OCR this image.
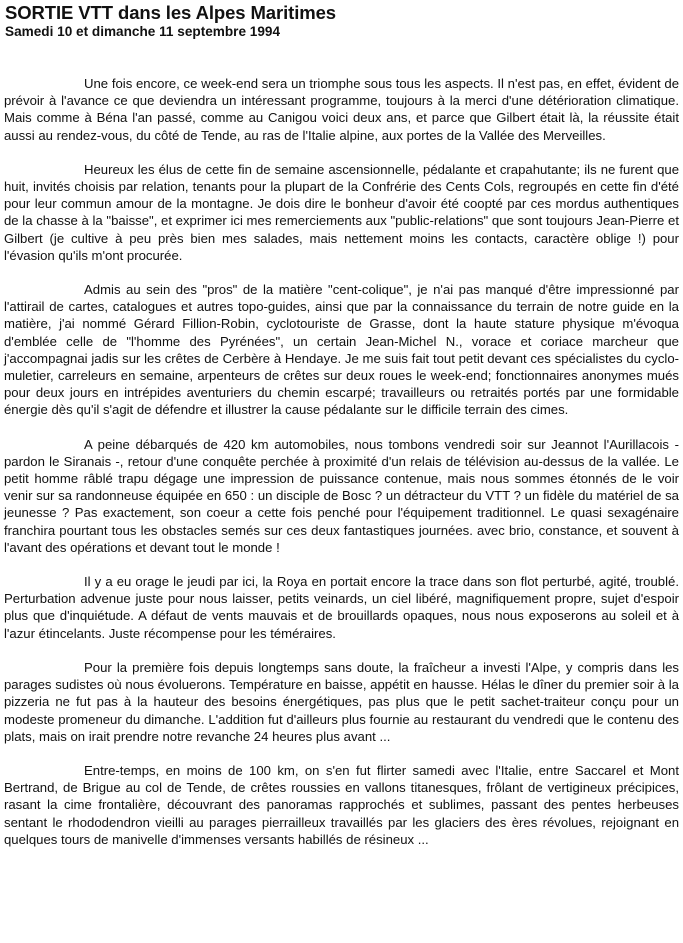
SORTIE VTT dans les Alpes Maritimes
Samedi 10 et dimanche 11 septembre 1994

Une fois encore, ce week-end sera un triomphe sous tous les aspects. Il n'est pas, en effet, évident de prévoir à l'avance ce que deviendra un intéressant programme, toujours à la merci d'une détérioration climatique. Mais comme à Béna l'an passé, comme au Canigou voici deux ans, et parce que Gilbert était là, la réussite était aussi au rendez-vous, du côté de Tende, au ras de l'Italie alpine, aux portes de la Vallée des Merveilles.

Heureux les élus de cette fin de semaine ascensionnelle, pédalante et crapahutante; ils ne furent que huit, invités choisis par relation, tenants pour la plupart de la Confrérie des Cents Cols, regroupés en cette fin d'été pour leur commun amour de la montagne. Je dois dire le bonheur d'avoir été coopté par ces mordus authentiques de la chasse à la "baisse", et exprimer ici mes remerciements aux "public-relations" que sont toujours Jean-Pierre et Gilbert (je cultive à peu près bien mes salades, mais nettement moins les contacts, caractère oblige !) pour l'évasion qu'ils m'ont procurée.

Admis au sein des "pros" de la matière "cent-colique", je n'ai pas manqué d'être impressionné par l'attirail de cartes, catalogues et autres topo-guides, ainsi que par la connaissance du terrain de notre guide en la matière, j'ai nommé Gérard Fillion-Robin, cyclotouriste de Grasse, dont la haute stature physique m'évoqua d'emblée celle de "l'homme des Pyrénées", un certain Jean-Michel N., vorace et coriace marcheur que j'accompagnai jadis sur les crêtes de Cerbère à Hendaye. Je me suis fait tout petit devant ces spécialistes du cyclo-muletier, carreleurs en semaine, arpenteurs de crêtes sur deux roues le week-end; fonctionnaires anonymes mués pour deux jours en intrépides aventuriers du chemin escarpé; travailleurs ou retraités portés par une formidable énergie dès qu'il s'agit de défendre et illustrer la cause pédalante sur le difficile terrain des cimes.

A peine débarqués de 420 km automobiles, nous tombons vendredi soir sur Jeannot l'Aurillacois - pardon le Siranais -, retour d'une conquête perchée à proximité d'un relais de télévision au-dessus de la vallée. Le petit homme râblé trapu dégage une impression de puissance contenue, mais nous sommes étonnés de le voir venir sur sa randonneuse équipée en 650 : un disciple de Bosc ? un détracteur du VTT ? un fidèle du matériel de sa jeunesse ? Pas exactement, son coeur a cette fois penché pour l'équipement traditionnel. Le quasi sexagénaire franchira pourtant tous les obstacles semés sur ces deux fantastiques journées. avec brio, constance, et souvent à l'avant des opérations et devant tout le monde !

Il y a eu orage le jeudi par ici, la Roya en portait encore la trace dans son flot perturbé, agité, troublé. Perturbation advenue juste pour nous laisser, petits veinards, un ciel libéré, magnifiquement propre, sujet d'espoir plus que d'inquiétude. A défaut de vents mauvais et de brouillards opaques, nous nous exposerons au soleil et à l'azur étincelants. Juste récompense pour les téméraires.

Pour la première fois depuis longtemps sans doute, la fraîcheur a investi l'Alpe, y compris dans les parages sudistes où nous évoluerons. Température en baisse, appétit en hausse. Hélas le dîner du premier soir à la pizzeria ne fut pas à la hauteur des besoins énergétiques, pas plus que le petit sachet-traiteur conçu pour un modeste promeneur du dimanche. L'addition fut d'ailleurs plus fournie au restaurant du vendredi que le contenu des plats, mais on irait prendre notre revanche 24 heures plus avant ...

Entre-temps, en moins de 100 km, on s'en fut flirter samedi avec l'Italie, entre Saccarel et Mont Bertrand, de Brigue au col de Tende, de crêtes roussies en vallons titanesques, frôlant de vertigineux précipices, rasant la cime frontalière, découvrant des panoramas rapprochés et sublimes, passant des pentes herbeuses sentant le rhododendron vieilli au parages pierrailleux travaillés par les glaciers des ères révolues, rejoignant en quelques tours de manivelle d'immenses versants habillés de résineux ...
